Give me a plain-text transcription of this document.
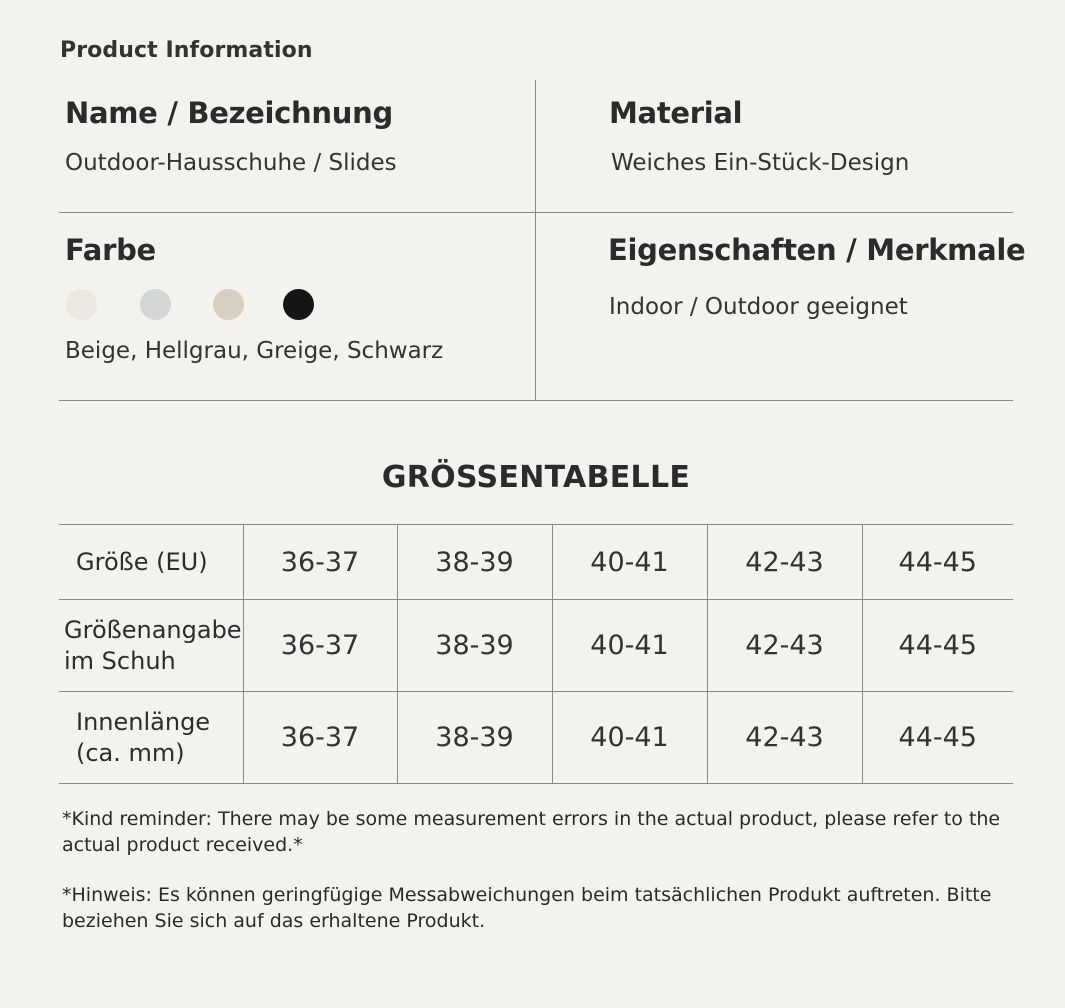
Product Information
Name / Bezeichnung
Outdoor-Hausschuhe / Slides
Material
Weiches Ein-Stück-Design
Farbe
Beige, Hellgrau, Greige, Schwarz
Eigenschaften / Merkmale
Indoor / Outdoor geeignet
GRÖSSENTABELLE
Größe (EU)	36-37	38-39	40-41	42-43	44-45

Größenangabe
im Schuh	36-37	38-39	40-41	42-43	44-45

Innenlänge
(ca. mm)	36-37	38-39	40-41	42-43	44-45
*Kind reminder: There may be some measurement errors in the actual product, please refer to the actual product received.*
*Hinweis: Es können geringfügige Messabweichungen beim tatsächlichen Produkt auftreten. Bitte beziehen Sie sich auf das erhaltene Produkt.
